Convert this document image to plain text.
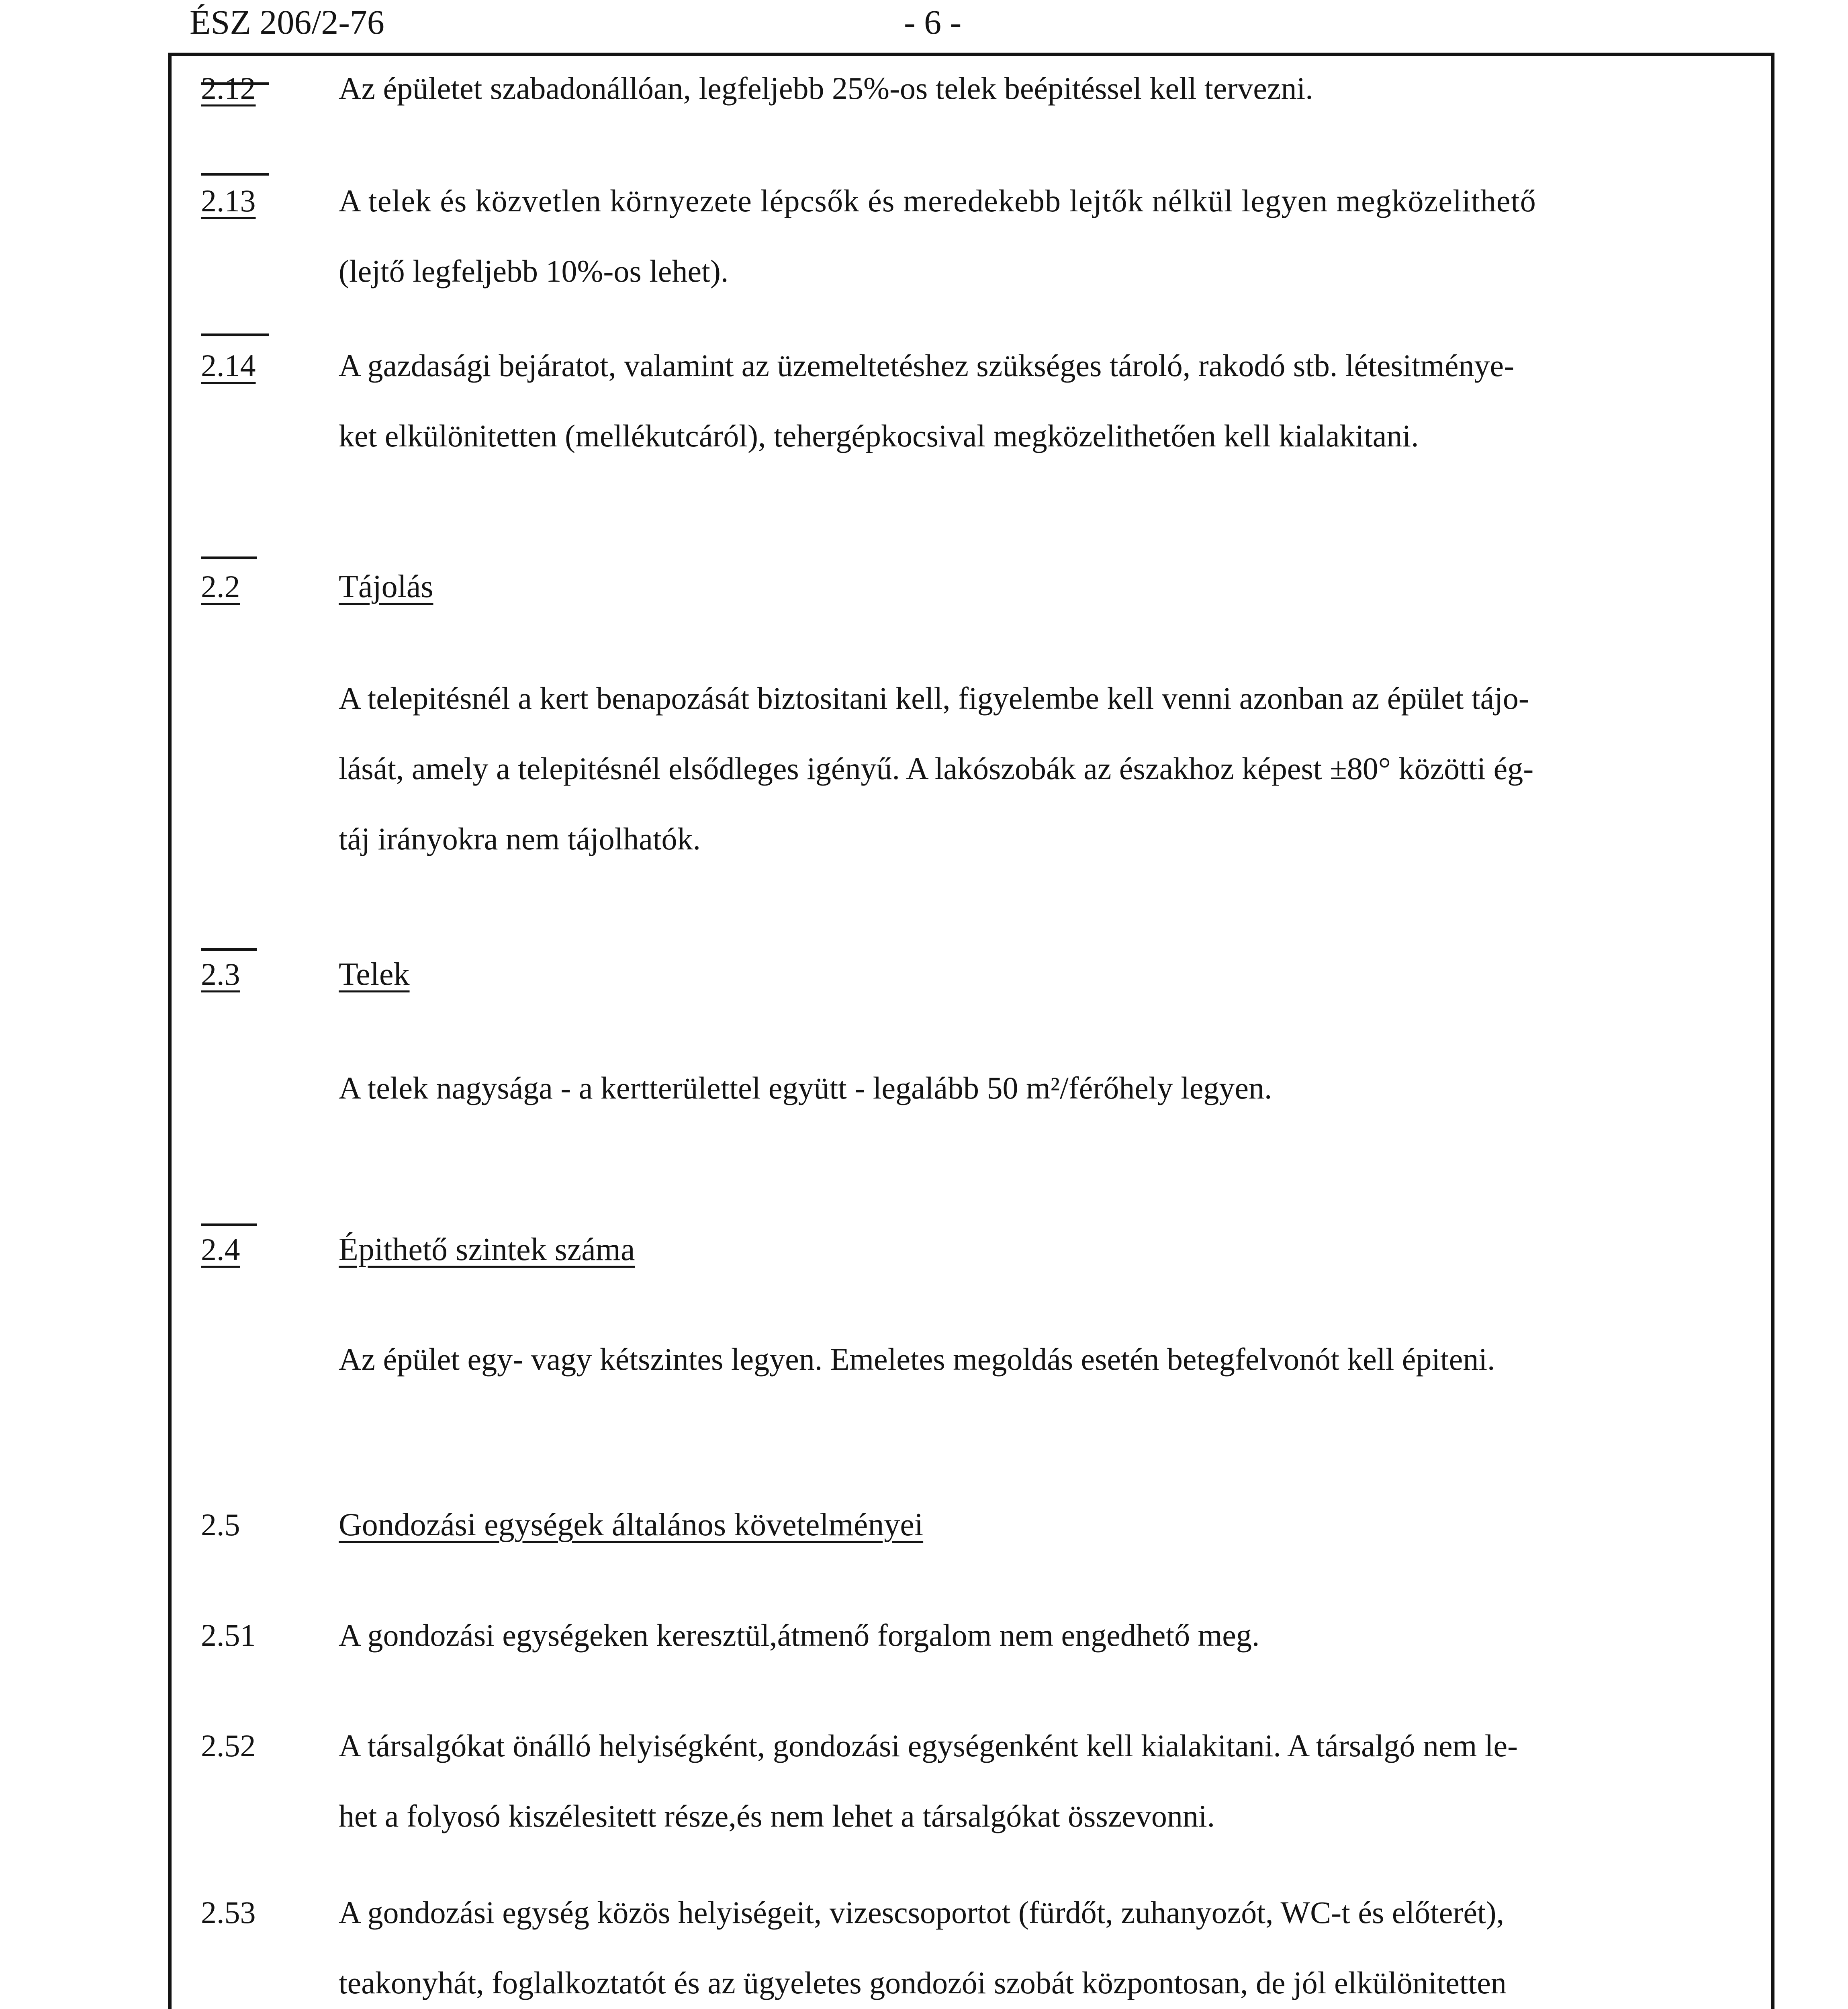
ÉSZ 206/2-76	- 6 -
2.12	Az épületet szabadonállóan, legfeljebb 25%-os telek beépitéssel kell tervezni.
2.13	A telek és közvetlen környezete lépcsők és meredekebb lejtők nélkül legyen megközelithető
(lejtő legfeljebb 10%-os lehet).
2.14	A gazdasági bejáratot, valamint az üzemeltetéshez szükséges tároló, rakodó stb. létesitménye-
ket elkülönitetten (mellékutcáról), tehergépkocsival megközelithetően kell kialakitani.
2.2	Tájolás
A telepitésnél a kert benapozását biztositani kell, figyelembe kell venni azonban az épület tájo-
lását, amely a telepitésnél elsődleges igényű. A lakószobák az északhoz képest ±80° közötti ég-
táj irányokra nem tájolhatók.
2.3	Telek
A telek nagysága - a kertterülettel együtt - legalább 50 m²/férőhely legyen.
2.4	Épithető szintek száma
Az épület egy- vagy kétszintes legyen. Emeletes megoldás esetén betegfelvonót kell épiteni.
2.5	Gondozási egységek általános követelményei
2.51	A gondozási egységeken keresztül,átmenő forgalom nem engedhető meg.
2.52	A társalgókat önálló helyiségként, gondozási egységenként kell kialakitani. A társalgó nem le-
het a folyosó kiszélesitett része,és nem lehet a társalgókat összevonni.
2.53	A gondozási egység közös helyiségeit, vizescsoportot (fürdőt, zuhanyozót, WC-t és előterét),
teakonyhát, foglalkoztatót és az ügyeletes gondozói szobát központosan, de jól elkülönitetten
